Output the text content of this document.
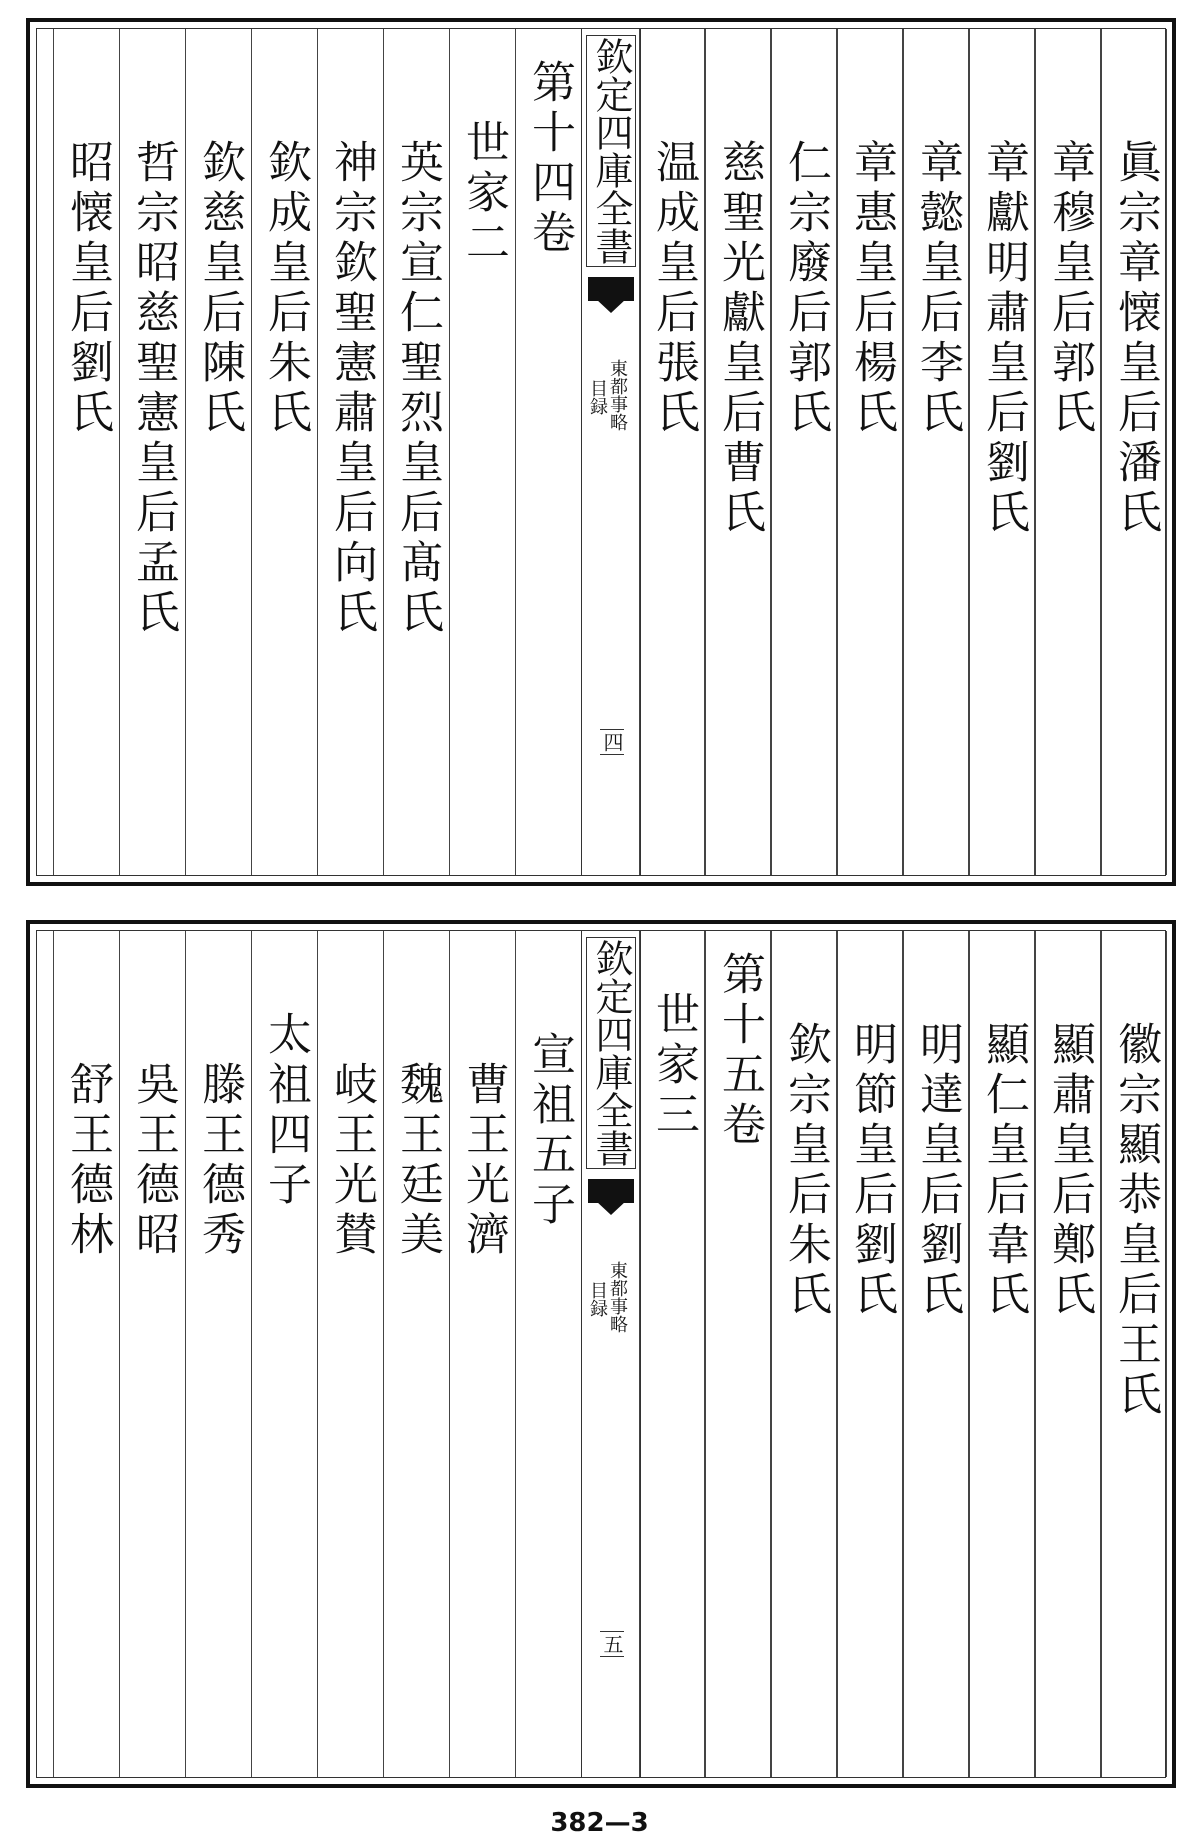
眞宗章懐皇后潘氏
章穆皇后郭氏
章獻明肅皇后劉氏
章懿皇后李氏
章惠皇后楊氏
仁宗廢后郭氏
慈聖光獻皇后曹氏
温成皇后張氏
欽定四庫全書
東都事略
目録
四
第十四卷
世家二
英宗宣仁聖烈皇后髙氏
神宗欽聖憲肅皇后向氏
欽成皇后朱氏
欽慈皇后陳氏
哲宗昭慈聖憲皇后孟氏
昭懐皇后劉氏
徽宗顯恭皇后王氏
顯肅皇后鄭氏
顯仁皇后韋氏
明達皇后劉氏
明節皇后劉氏
欽宗皇后朱氏
第十五卷
世家三
欽定四庫全書
東都事略
目録
五
宣祖五子
曹王光濟
魏王廷美
岐王光賛
太祖四子
滕王德秀
吳王德昭
舒王德林
382—3
